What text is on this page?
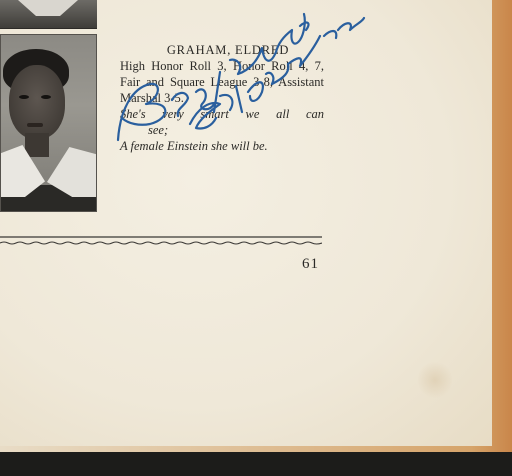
GRAHAM, ELDRED
High Honor Roll 3, Honor Roll 4, 7, Fair and Square League 3-8, Assistant Marshal 3-5.
She's very smart we all can
see;
A female Einstein she will be.
61
